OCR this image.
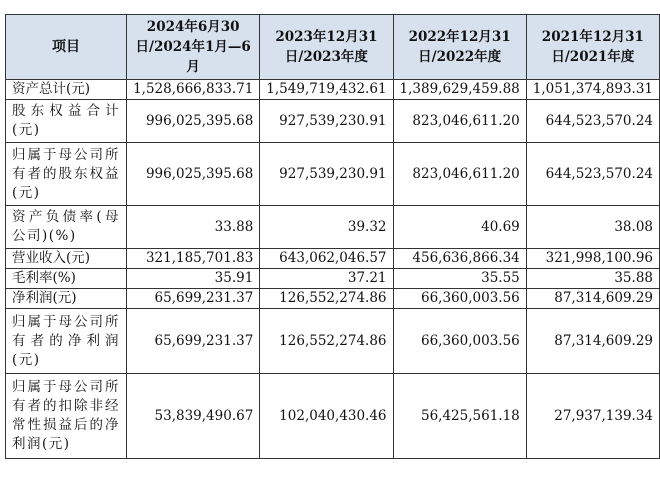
项目	2024年6月30日/2024年1月—6月	2023年12月31日/2023年度	2022年12月31日/2022年度	2021年12月31日/2021年度
资产总计(元)	1,528,666,833.71	1,549,719,432.61	1,389,629,459.88	1,051,374,893.31
股东权益合计(元)	996,025,395.68	927,539,230.91	823,046,611.20	644,523,570.24
归属于母公司所有者的股东权益(元)	996,025,395.68	927,539,230.91	823,046,611.20	644,523,570.24
资产负债率(母公司)(%)	33.88	39.32	40.69	38.08
营业收入(元)	321,185,701.83	643,062,046.57	456,636,866.34	321,998,100.96
毛利率(%)	35.91	37.21	35.55	35.88
净利润(元)	65,699,231.37	126,552,274.86	66,360,003.56	87,314,609.29
归属于母公司所有者的净利润(元)	65,699,231.37	126,552,274.86	66,360,003.56	87,314,609.29
归属于母公司所有者的扣除非经常性损益后的净利润(元)	53,839,490.67	102,040,430.46	56,425,561.18	27,937,139.34
